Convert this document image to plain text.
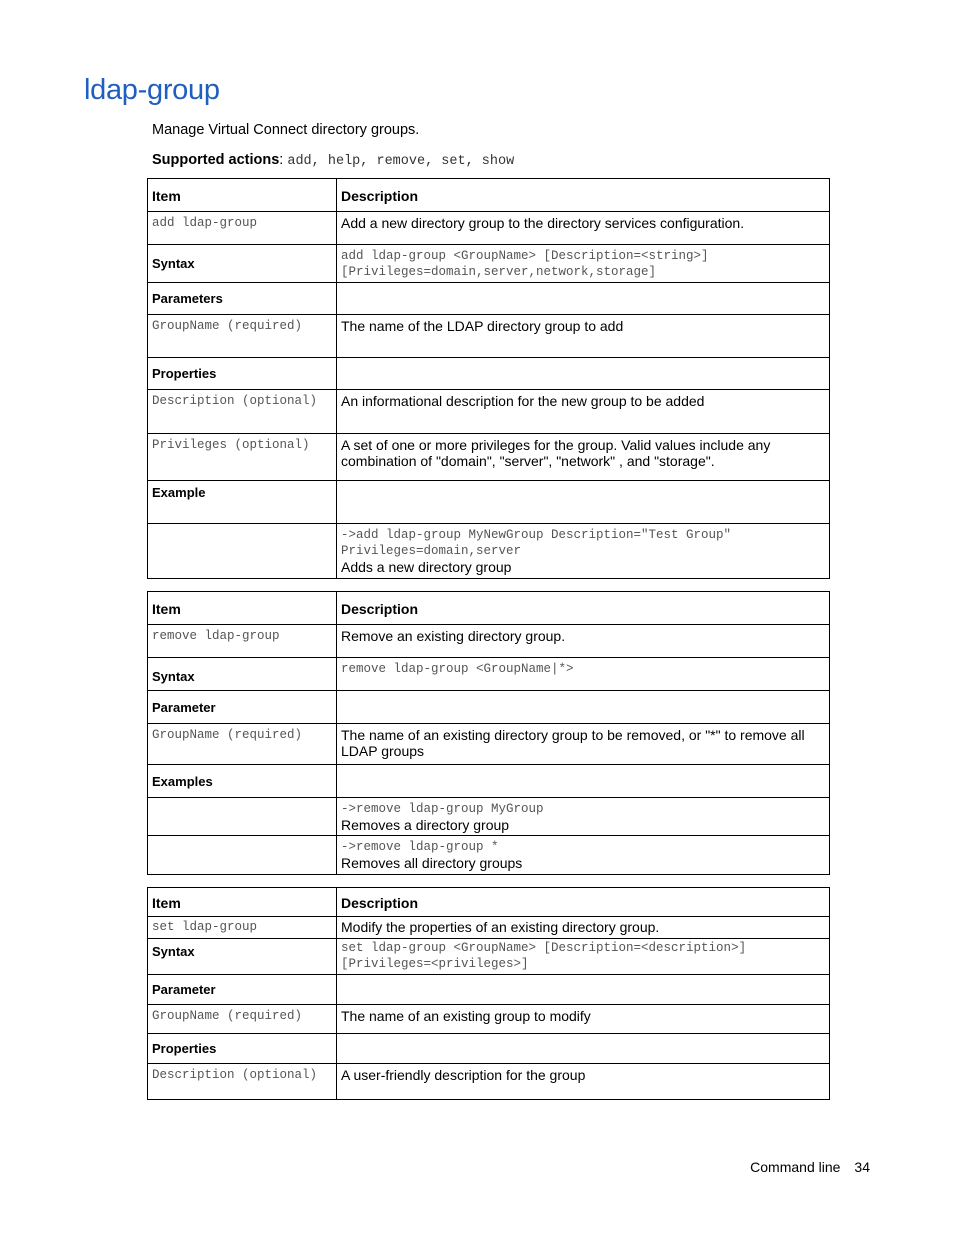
ldap-group
Manage Virtual Connect directory groups.
Supported actions: add, help, remove, set, show
Item	Description
add ldap-group	Add a new directory group to the directory services configuration.
Syntax	add ldap-group <GroupName> [Description=<string>] [Privileges=domain,server,network,storage]
Parameters	
GroupName (required)	The name of the LDAP directory group to add
Properties	
Description (optional)	An informational description for the new group to be added
Privileges (optional)	A set of one or more privileges for the group. Valid values include any combination of "domain", "server", "network" , and "storage".
Example	

	->add ldap-group MyNewGroup Description="Test Group" Privileges=domain,server
Adds a new directory group
Item	Description
remove ldap-group	Remove an existing directory group.
Syntax	remove ldap-group <GroupName|*>
Parameter	
GroupName (required)	The name of an existing directory group to be removed, or "*" to remove all LDAP groups
Examples	

	->remove ldap-group MyGroup
Removes a directory group

	->remove ldap-group *
Removes all directory groups
Item	Description
set ldap-group	Modify the properties of an existing directory group.
Syntax	set ldap-group <GroupName> [Description=<description>] [Privileges=<privileges>]
Parameter	
GroupName (required)	The name of an existing group to modify
Properties	
Description (optional)	A user-friendly description for the group
Command line 34
